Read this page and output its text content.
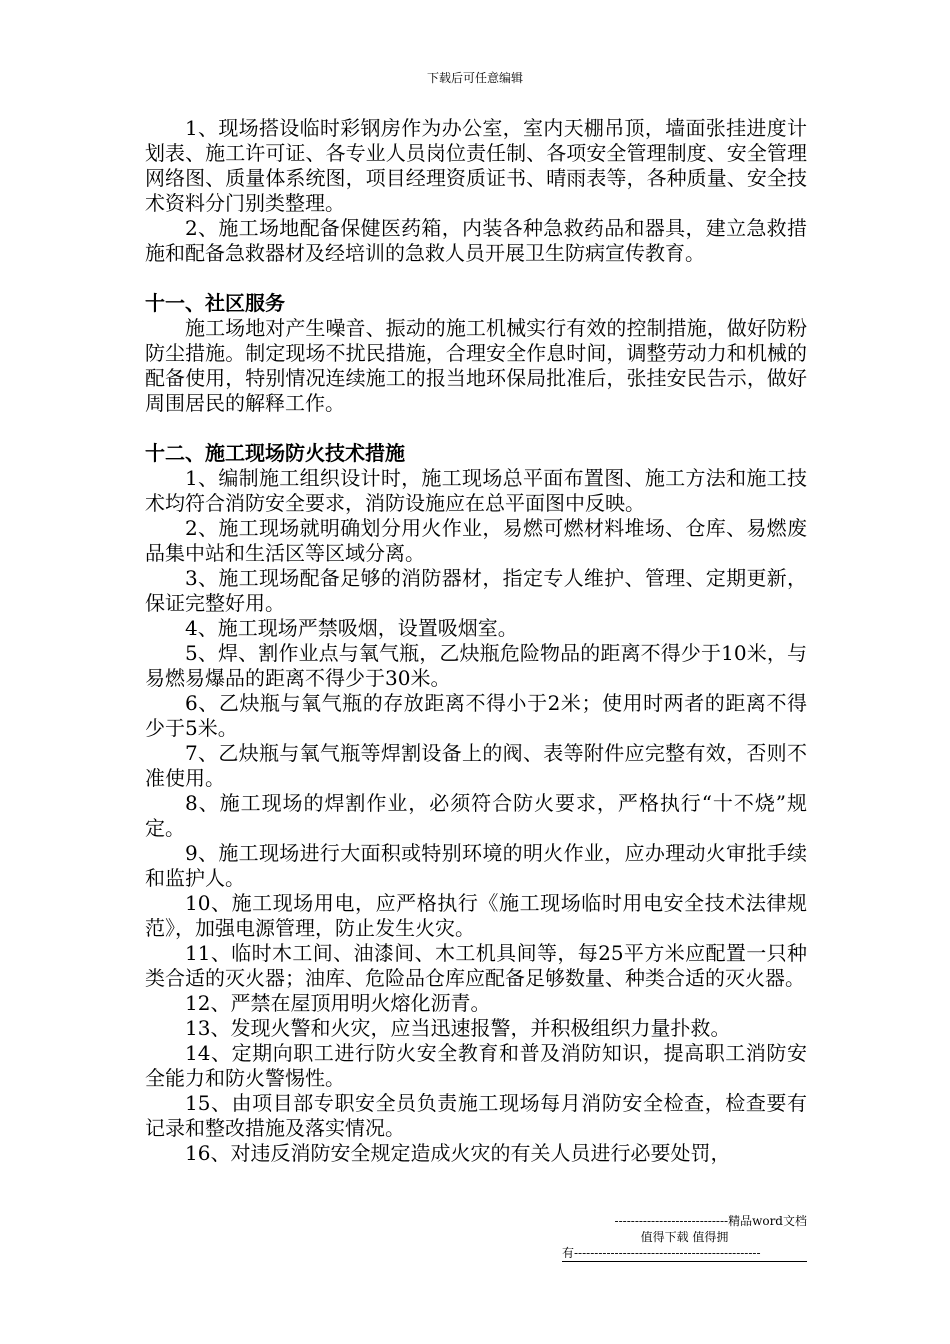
下载后可任意编辑

1、现场搭设临时彩钢房作为办公室，室内天棚吊顶，墙面张挂进度计划表、施工许可证、各专业人员岗位责任制、各项安全管理制度、安全管理网络图、质量体系统图，项目经理资质证书、晴雨表等，各种质量、安全技术资料分门别类整理。

2、施工场地配备保健医药箱，内装各种急救药品和器具，建立急救措施和配备急救器材及经培训的急救人员开展卫生防病宣传教育。

十一、社区服务

施工场地对产生噪音、振动的施工机械实行有效的控制措施，做好防粉防尘措施。制定现场不扰民措施，合理安全作息时间，调整劳动力和机械的配备使用，特别情况连续施工的报当地环保局批准后，张挂安民告示，做好周围居民的解释工作。

十二、施工现场防火技术措施

1、编制施工组织设计时，施工现场总平面布置图、施工方法和施工技术均符合消防安全要求，消防设施应在总平面图中反映。

2、施工现场就明确划分用火作业，易燃可燃材料堆场、仓库、易燃废品集中站和生活区等区域分离。

3、施工现场配备足够的消防器材，指定专人维护、管理、定期更新，保证完整好用。

4、施工现场严禁吸烟，设置吸烟室。

5、焊、割作业点与氧气瓶，乙炔瓶危险物品的距离不得少于10米，与易燃易爆品的距离不得少于30米。

6、乙炔瓶与氧气瓶的存放距离不得小于2米；使用时两者的距离不得少于5米。

7、乙炔瓶与氧气瓶等焊割设备上的阀、表等附件应完整有效，否则不准使用。

8、施工现场的焊割作业，必须符合防火要求，严格执行“十不烧”规定。

9、施工现场进行大面积或特别环境的明火作业，应办理动火审批手续和监护人。

10、施工现场用电，应严格执行《施工现场临时用电安全技术法律规范》，加强电源管理，防止发生火灾。

11、临时木工间、油漆间、木工机具间等，每25平方米应配置一只种类合适的灭火器；油库、危险品仓库应配备足够数量、种类合适的灭火器。

12、严禁在屋顶用明火熔化沥青。

13、发现火警和火灾，应当迅速报警，并积极组织力量扑救。

14、定期向职工进行防火安全教育和普及消防知识，提高职工消防安全能力和防火警惕性。

15、由项目部专职安全员负责施工现场每月消防安全检查，检查要有记录和整改措施及落实情况。

16、对违反消防安全规定造成火灾的有关人员进行必要处罚，

----------------------------精品word文档
值得下载 值得拥
有----------------------------------------------
